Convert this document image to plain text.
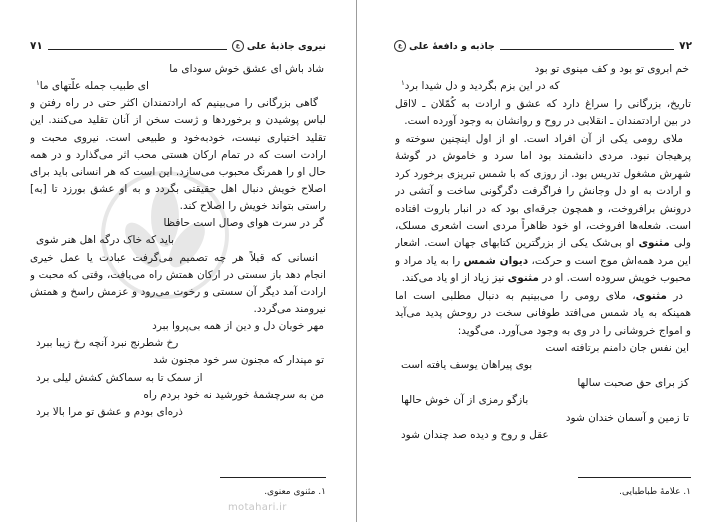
motahari.ir
۷۱	نیروی جاذبهٔ علی
ع
شاد باش ای عشق خوش سودای ما
ای طبیب جمله علّتهای ما$^۱$
گاهی بزرگانی را می‌بینیم که ارادتمندان اکثر حتی در راه رفتن و
لباس پوشیدن و برخوردها و ژست سخن از آنان تقلید می‌کنند. این
تقلید اختیاری نیست، خودبه‌خود و طبیعی است. نیروی محبت و
ارادت است که در تمام ارکان هستی محب اثر می‌گذارد و در همه
حال او را همرنگ محبوب می‌سازد. این است که هر انسانی باید برای
اصلاح خویش دنبال اهل حقیقتی بگردد و به او عشق بورزد تا [به]
راستی بتواند خویش را اصلاح کند.
گر در سرت هوای وصال است حافظا
باید که خاک درگه اهل هنر شوی
انسانی که قبلاً هر چه تصمیم می‌گرفت عبادت یا عمل خیری
انجام دهد باز سستی در ارکان همتش راه می‌یافت، وقتی که محبت و
ارادت آمد دیگر آن سستی و رخوت می‌رود و عزمش راسخ و همتش
نیرومند می‌گردد.
مهر خوبان دل و دین از همه بی‌پروا ببرد
رخ شطرنج نبرد آنچه رخ زیبا ببرد
تو مپندار که مجنون سر خود مجنون شد
از سمک تا به سماکش کشش لیلی برد
من به سرچشمهٔ خورشید نه خود بردم راه
ذره‌ای بودم و عشق تو مرا بالا برد
۱. مثنوی معنوی.
جاذبه و دافعهٔ علی
ع	۷۲
خم ابروی تو بود و کف مینوی تو بود
که در این بزم بگردید و دل شیدا برد$^۱$
تاریخ، بزرگانی را سراغ دارد که عشق و ارادت به کُمّلان ـ لااقل
در بین ارادتمندان ـ انقلابی در روح و روانشان به وجود آورده است.
ملای رومی یکی از آن افراد است. او از اول اینچنین سوخته و
پرهیجان نبود. مردی دانشمند بود اما سرد و خاموش در گوشهٔ
شهرش مشغول تدریس بود. از روزی که با شمس تبریزی برخورد کرد
و ارادت به او دل وجانش را فراگرفت دگرگونی ساخت و آتشی در
درونش برافروخت، و همچون جرقه‌ای بود که در انبار باروت افتاده
است. شعله‌ها افروخت، او خود ظاهراً مردی است اشعری مسلک،
ولی مثنوی او بی‌شک یکی از بزرگترین کتابهای جهان است. اشعار
این مرد همه‌اش موج است و حرکت، دیوان شمس را به یاد مراد و
محبوب خویش سروده است. او در مثنوی نیز زیاد از او یاد می‌کند.
در مثنوی، ملای رومی را می‌بینیم به دنبال مطلبی است اما
همینکه به یاد شمس می‌افتد طوفانی سخت در روحش پدید می‌آید
و امواج خروشانی را در وی به وجود می‌آورد. می‌گوید:
این نفس جان دامنم برتافته است
بوی پیراهان یوسف یافته است
کز برای حق صحبت سالها
بازگو رمزی از آن خوش حالها
تا زمین و آسمان خندان شود
عقل و روح و دیده صد چندان شود
۱. علامهٔ طباطبایی.
